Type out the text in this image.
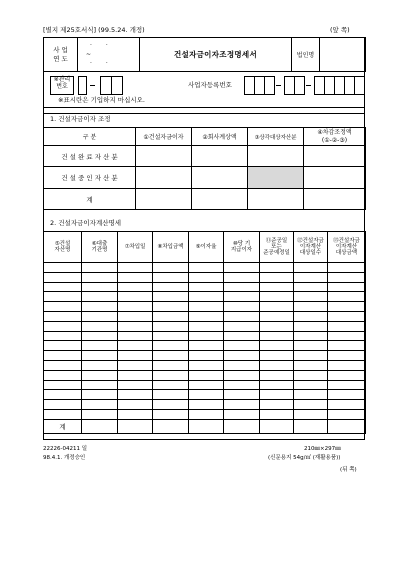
[별지 제25호서식] (99.5.24. 개정)	(앞 쪽)
사 업
연 도	
· ·
~
· ·
	건설자금이자조정명세서	법인명	
※관리
번호	사업자등록번호
※표시란은 기입하지 마십시오.
1. 건설자금이자 조정
구 분	①건설자금이자	②회사계상액	③상각대상자산분	④차감조정액
(①-②-③)

건 설 완 료 자 산 분				
건 설 중 인 자 산 분				
계				
2. 건설자금이자계산명세
⑤건설
자산명	⑥대출
기관명	⑦차입일	⑧차입금액	⑨이자율	⑩당 기
지급이자	⑪준공일
또는
준공예정일	⑫건설자금
이자계산
대상일수	⑬건설자금
이자계산
대상금액

계								
22226-04211 일
98.4.1. 개정승인
210㎜×297㎜
(신문용지 54g/㎡ (재활용품))
(뒤 쪽)
